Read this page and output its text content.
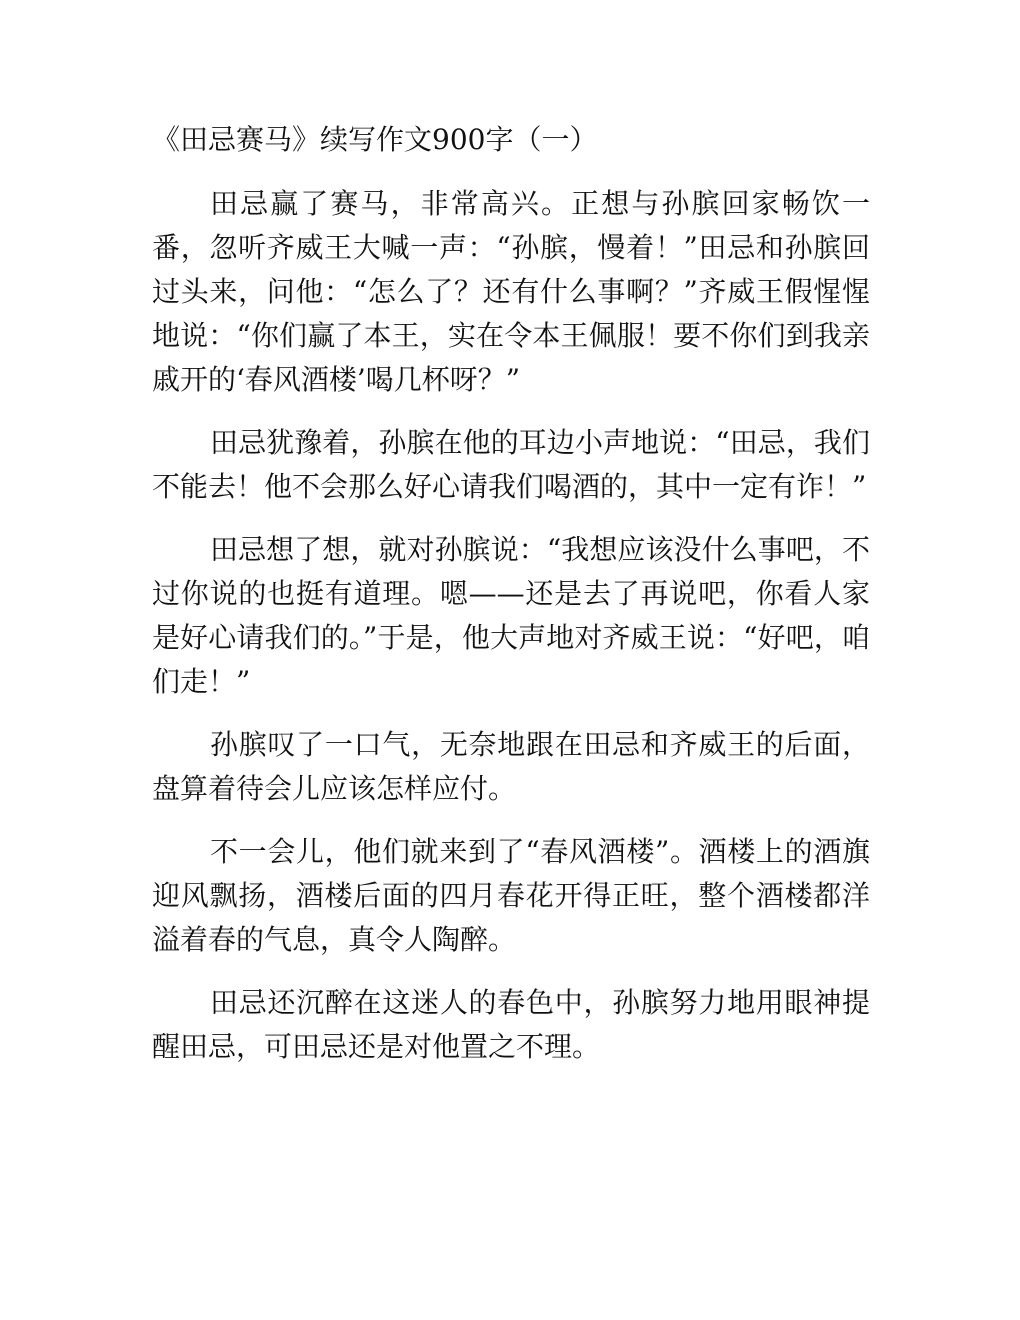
《田忌赛马》续写作文900字（一）

田忌赢了赛马，非常高兴。正想与孙膑回家畅饮一番，忽听齐威王大喊一声：“孙膑，慢着！”田忌和孙膑回过头来，问他：“怎么了？还有什么事啊？”齐威王假惺惺地说：“你们赢了本王，实在令本王佩服！要不你们到我亲戚开的‘春风酒楼’喝几杯呀？”

田忌犹豫着，孙膑在他的耳边小声地说：“田忌，我们不能去！他不会那么好心请我们喝酒的，其中一定有诈！”

田忌想了想，就对孙膑说：“我想应该没什么事吧，不过你说的也挺有道理。嗯——还是去了再说吧，你看人家是好心请我们的。”于是，他大声地对齐威王说：“好吧，咱们走！”

孙膑叹了一口气，无奈地跟在田忌和齐威王的后面，盘算着待会儿应该怎样应付。

不一会儿，他们就来到了“春风酒楼”。酒楼上的酒旗迎风飘扬，酒楼后面的四月春花开得正旺，整个酒楼都洋溢着春的气息，真令人陶醉。

田忌还沉醉在这迷人的春色中，孙膑努力地用眼神提醒田忌，可田忌还是对他置之不理。
